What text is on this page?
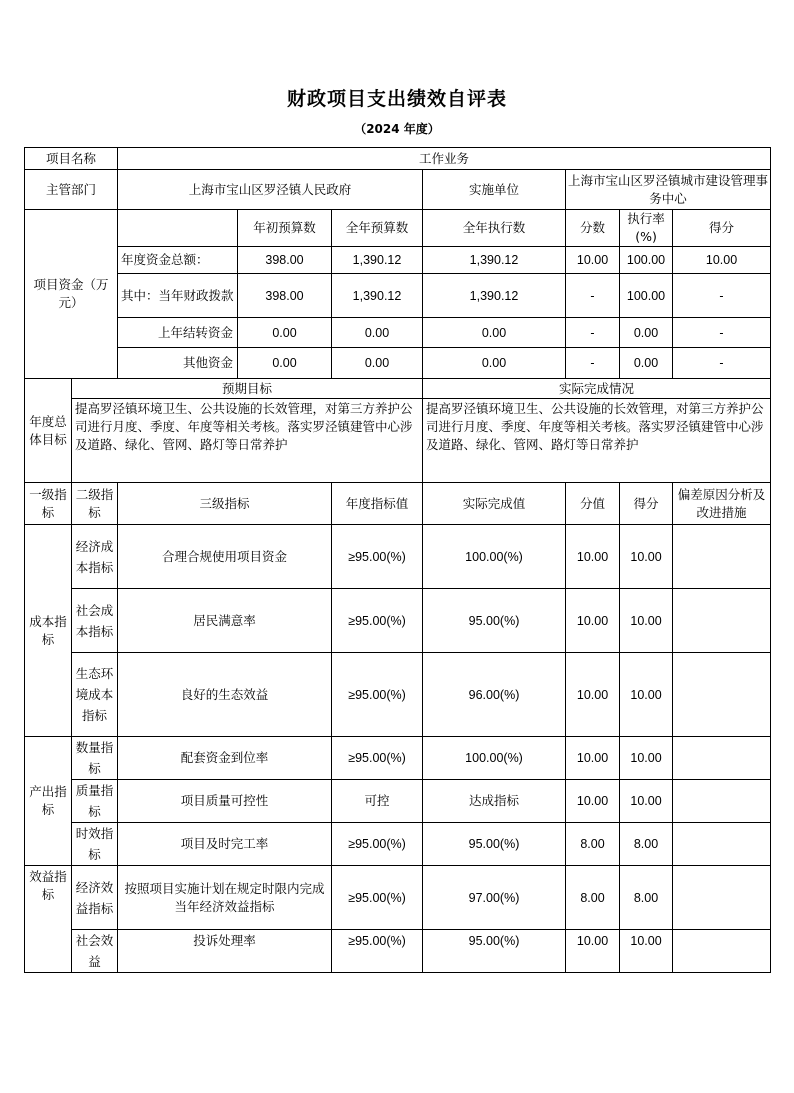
财政项目支出绩效自评表
（2024 年度）
项目名称		工作业务						
主管部门		上海市宝山区罗泾镇人民政府			实施单位	上海市宝山区罗泾镇城市建设管理事务中心		
项目资金（万元）			年初预算数	全年预算数	全年执行数	分数	执行率(%)	得分
		年度资金总额：	398.00	1,390.12	1,390.12	10.00	100.00	10.00
		其中：当年财政拨款	398.00	1,390.12	1,390.12	-	100.00	-
		上年结转资金	0.00	0.00	0.00	-	0.00	-
		其他资金	0.00	0.00	0.00	-	0.00	-
年度总体目标	预期目标				实际完成情况			
	提高罗泾镇环境卫生、公共设施的长效管理，对第三方养护公司进行月度、季度、年度等相关考核。落实罗泾镇建管中心涉及道路、绿化、管网、路灯等日常养护				提高罗泾镇环境卫生、公共设施的长效管理，对第三方养护公司进行月度、季度、年度等相关考核。落实罗泾镇建管中心涉及道路、绿化、管网、路灯等日常养护			
一级指标	二级指标	三级指标		年度指标值	实际完成值	分值	得分	偏差原因分析及改进措施
成本指标	经济成本指标	合理合规使用项目资金		≥95.00(%)	100.00(%)	10.00	10.00	
	社会成本指标	居民满意率		≥95.00(%)	95.00(%)	10.00	10.00	
	生态环境成本指标	良好的生态效益		≥95.00(%)	96.00(%)	10.00	10.00	
产出指标	数量指标	配套资金到位率		≥95.00(%)	100.00(%)	10.00	10.00	
	质量指标	项目质量可控性		可控	达成指标	10.00	10.00	
	时效指标	项目及时完工率		≥95.00(%)	95.00(%)	8.00	8.00	
效益指标	经济效益指标	按照项目实施计划在规定时限内完成当年经济效益指标		≥95.00(%)	97.00(%)	8.00	8.00	
	社会效益	投诉处理率		≥95.00(%)	95.00(%)	10.00	10.00	
